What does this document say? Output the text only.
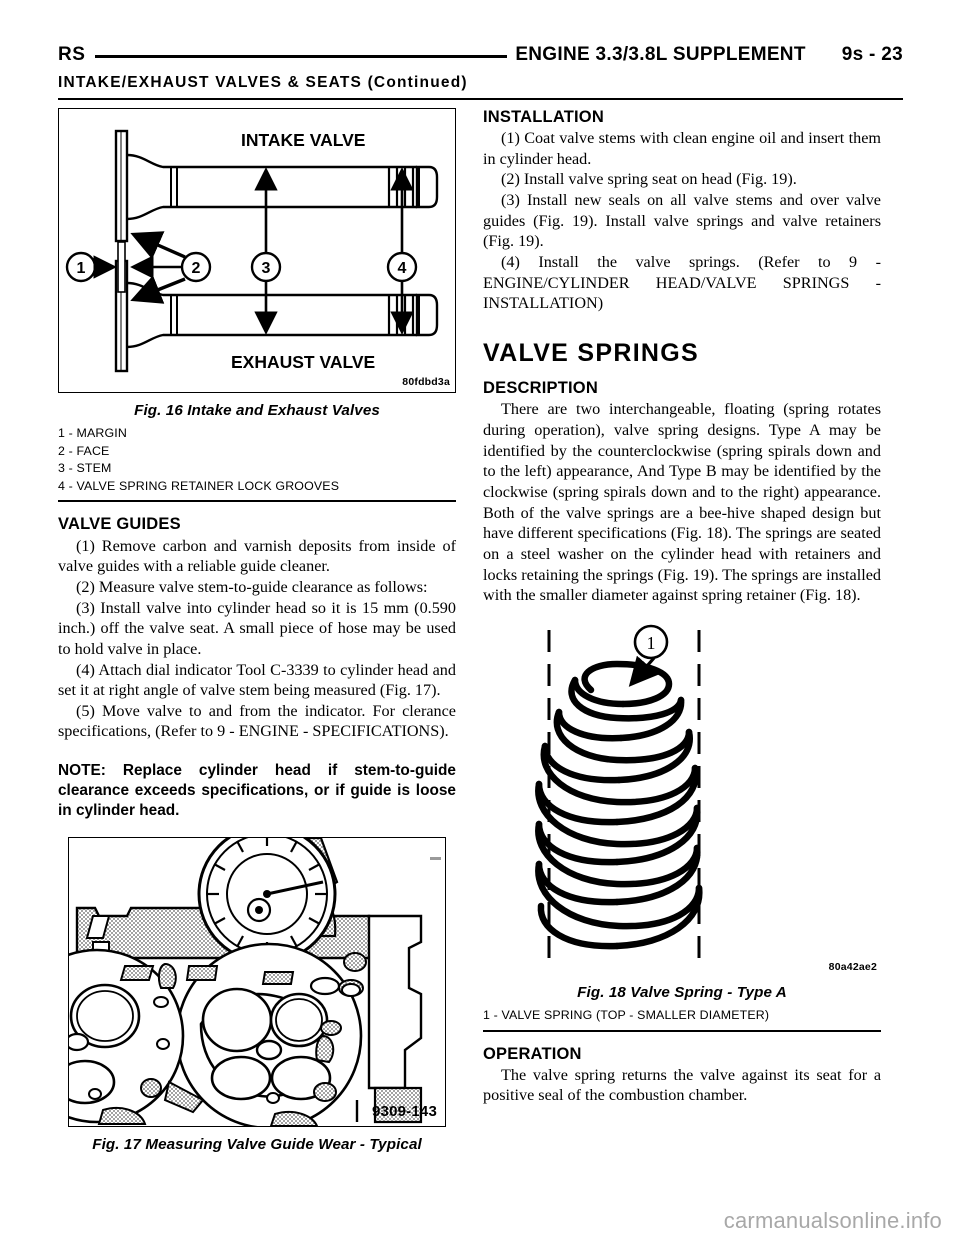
RS	ENGINE 3.3/3.8L SUPPLEMENT 9s - 23
INTAKE/EXHAUST VALVES & SEATS (Continued)
1	2	3	4
INTAKE VALVE
EXHAUST VALVE
80fdbd3a
Fig. 16 Intake and Exhaust Valves
1 - MARGIN
2 - FACE
3 - STEM
4 - VALVE SPRING RETAINER LOCK GROOVES
VALVE GUIDES

(1) Remove carbon and varnish deposits from inside of valve guides with a reliable guide cleaner.

(2) Measure valve stem-to-guide clearance as follows:

(3) Install valve into cylinder head so it is 15 mm (0.590 inch.) off the valve seat. A small piece of hose may be used to hold valve in place.

(4) Attach dial indicator Tool C-3339 to cylinder head and set it at right angle of valve stem being measured (Fig. 17).

(5) Move valve to and from the indicator. For clerance specifications, (Refer to 9 - ENGINE - SPECIFICATIONS).

NOTE: Replace cylinder head if stem-to-guide clearance exceeds specifications, or if guide is loose in cylinder head.

9309-143
Fig. 17 Measuring Valve Guide Wear - Typical
INSTALLATION

(1) Coat valve stems with clean engine oil and insert them in cylinder head.

(2) Install valve spring seat on head (Fig. 19).

(3) Install new seals on all valve stems and over valve guides (Fig. 19). Install valve springs and valve retainers (Fig. 19).

(4) Install the valve springs. (Refer to 9 - ENGINE/CYLINDER HEAD/VALVE SPRINGS - INSTALLATION)

VALVE SPRINGS
DESCRIPTION

There are two interchangeable, floating (spring rotates during operation), valve spring designs. Type A may be identified by the counterclockwise (spring spirals down and to the left) appearance, And Type B may be identified by the clockwise (spring spirals down and to the right) appearance. Both of the valve springs are a bee-hive shaped design but have different specifications (Fig. 18). The springs are seated on a steel washer on the cylinder head with retainers and locks retaining the springs (Fig. 19). The springs are installed with the smaller diameter against spring retainer (Fig. 18).

1
80a42ae2
Fig. 18 Valve Spring - Type A
1 - VALVE SPRING (TOP - SMALLER DIAMETER)
OPERATION

The valve spring returns the valve against its seat for a positive seal of the combustion chamber.

carmanualsonline.info
